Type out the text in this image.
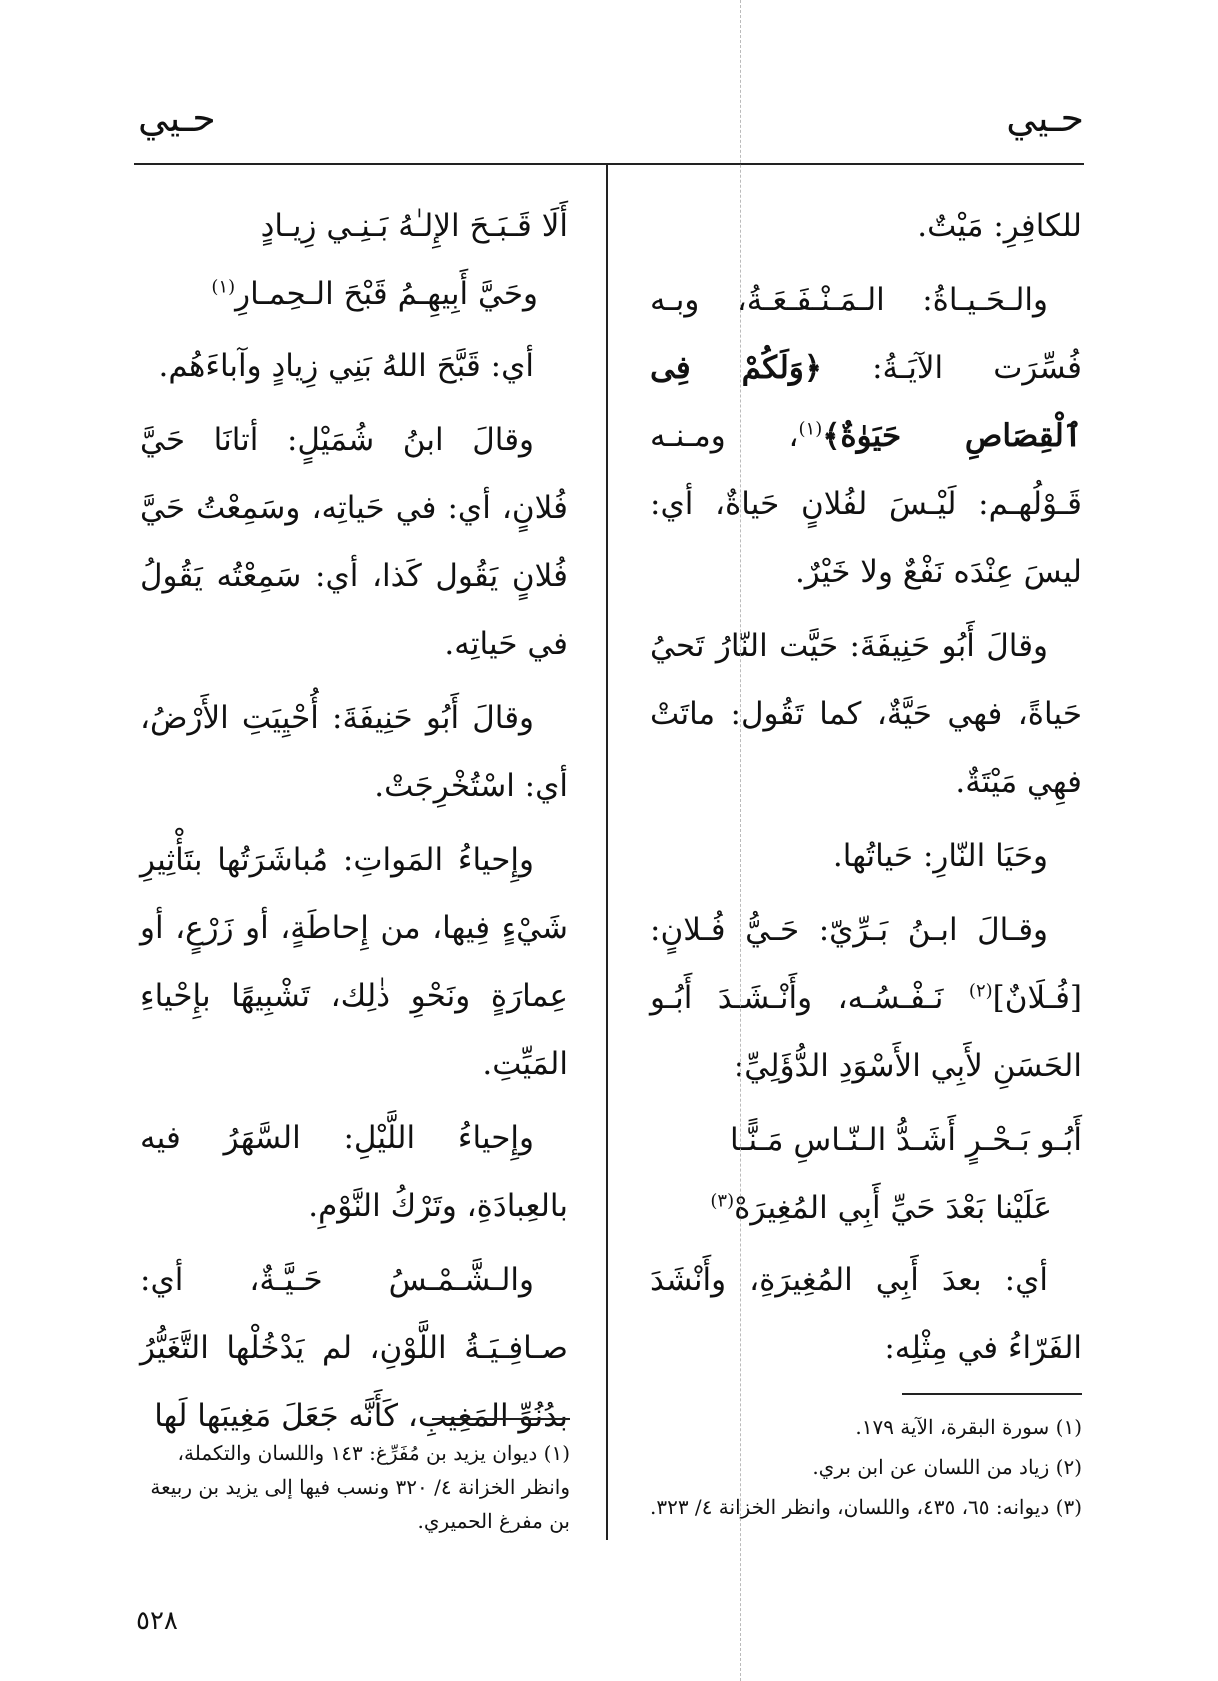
حـيي
حـيي

للكافِرِ: مَيْتٌ.

والـحَـيـاةُ: الـمَـنْـفَـعَـةُ، وبـه فُسِّرَت الآيَـةُ: ﴿وَلَكُمْ فِى ٱلْقِصَاصِ حَيَوٰةٌ﴾$^{(١)}$، ومـنـه قَـوْلُهـم: لَيْـسَ لفُلانٍ حَياةٌ، أي: ليسَ عِنْدَه نَفْعٌ ولا خَيْرٌ.

وقالَ أَبُو حَنِيفَةَ: حَيَّت النّارُ تَحيُ حَياةً، فهي حَيَّةٌ، كما تَقُول: ماتَتْ فهِي مَيْتَةٌ.

وحَيَا النّارِ: حَياتُها.

وقـالَ ابـنُ بَـرِّيّ: حَـيُّ فُـلانٍ: [فُـلَانٌ]$^{(٢)}$ نَـفْـسُـه، وأَنْـشَـدَ أَبُـو الحَسَنِ لأَبِي الأَسْوَدِ الدُّؤَلِيِّ:

أَبُـو بَـحْـرٍ أَشَـدُّ الـنّـاسِ مَـنًّـا
عَلَيْنا بَعْدَ حَيِّ أَبِي المُغِيرَهْ$^{(٣)}$

أي: بعدَ أَبِي المُغِيرَةِ، وأَنْشَدَ الفَرّاءُ في مِثْلِه:

أَلَا قَـبَـحَ الإِلـٰهُ بَـنِـي زِيـادٍ
وحَيَّ أَبِيهِـمُ قَبْحَ الـحِمـارِ$^{(١)}$

أي: قَبَّحَ اللهُ بَنِي زِيادٍ وآباءَهُم.

وقالَ ابنُ شُمَيْلٍ: أتانَا حَيَّ فُلانٍ، أي: في حَياتِه، وسَمِعْتُ حَيَّ فُلانٍ يَقُول كَذا، أي: سَمِعْتُه يَقُولُ في حَياتِه.

وقالَ أَبُو حَنِيفَةَ: أُحْيِيَتِ الأَرْضُ، أي: اسْتُخْرِجَتْ.

وإِحياءُ المَواتِ: مُباشَرَتُها بتَأْثِيرِ شَيْءٍ فِيها، من إِحاطَةٍ، أو زَرْعٍ، أو عِمارَةٍ ونَحْوِ ذٰلِك، تَشْبِيهًا بإِحْياءِ المَيِّتِ.

وإِحياءُ اللَّيْلِ: السَّهَرُ فيه بالعِبادَةِ، وتَرْكُ النَّوْمِ.

والـشَّـمْـسُ حَـيَّـةٌ، أي: صـافِـيَـةُ اللَّوْنِ، لم يَدْخُلْها التَّغَيُّرُ بدُنُوِّ المَغِيبِ، كَأَنَّه جَعَلَ مَغِيبَها لَها	(١) سورة البقرة، الآية ١٧٩.
(٢) زياد من اللسان عن ابن بري.
(٣) ديوانه: ٦٥، ٤٣٥، واللسان، وانظر الخزانة ٤/ ٣٢٣.
(١) ديوان يزيد بن مُفَرِّغ: ١٤٣ واللسان والتكملة، وانظر الخزانة ٤/ ٣٢٠ ونسب فيها إلى يزيد بن ربيعة بن مفرغ الحميري.
٥٢٨
